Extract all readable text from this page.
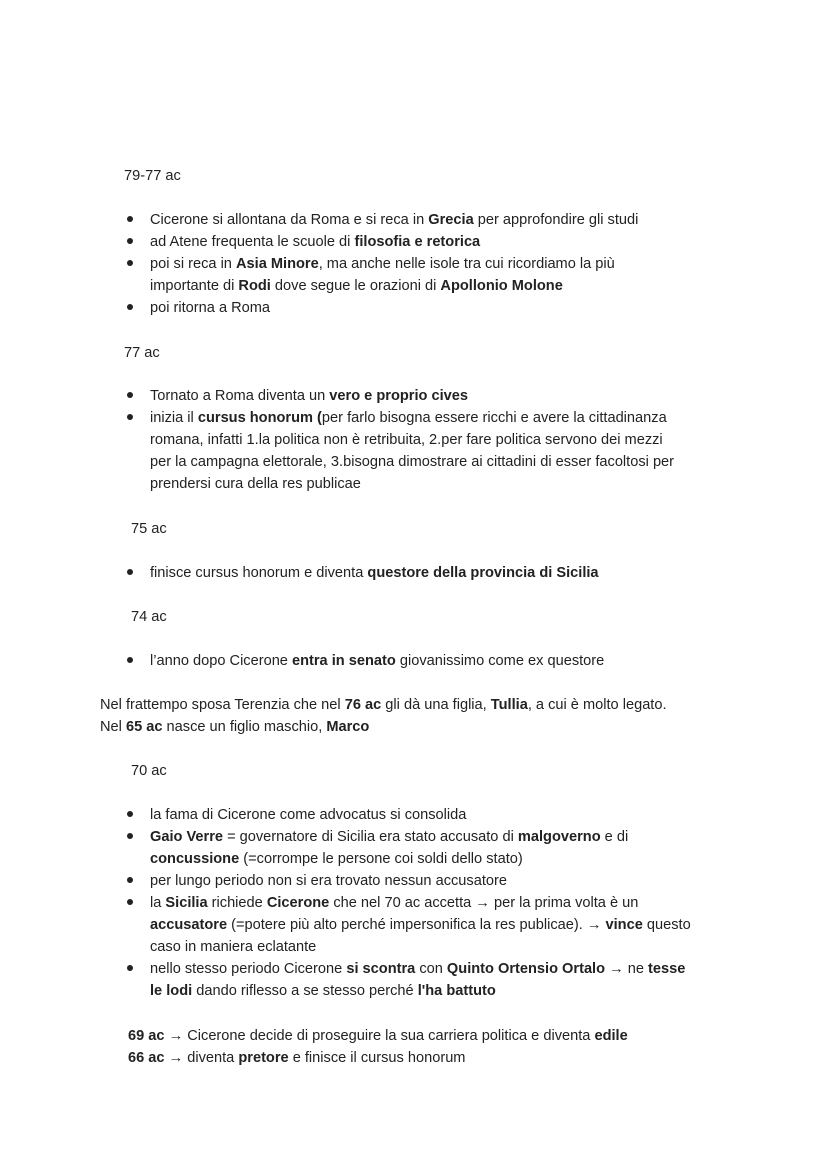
79-77 ac
Cicerone si allontana da Roma e si reca in Grecia per approfondire gli studi
ad Atene frequenta le scuole di filosofia e retorica
poi si reca in Asia Minore, ma anche nelle isole tra cui ricordiamo la più
importante di Rodi dove segue le orazioni di Apollonio Molone
poi ritorna a Roma
77 ac
Tornato a Roma diventa un vero e proprio cives
inizia il cursus honorum (per farlo bisogna essere ricchi e avere la cittadinanza
romana, infatti 1.la politica non è retribuita, 2.per fare politica servono dei mezzi
per la campagna elettorale, 3.bisogna dimostrare ai cittadini di esser facoltosi per
prendersi cura della res publicae
75 ac
finisce cursus honorum e diventa questore della provincia di Sicilia
74 ac
l’anno dopo Cicerone entra in senato giovanissimo come ex questore
Nel frattempo sposa Terenzia che nel 76 ac gli dà una figlia, Tullia, a cui è molto legato.
Nel 65 ac nasce un figlio maschio, Marco
70 ac
la fama di Cicerone come advocatus si consolida
Gaio Verre = governatore di Sicilia era stato accusato di malgoverno e di
concussione (=corrompe le persone coi soldi dello stato)
per lungo periodo non si era trovato nessun accusatore
la Sicilia richiede Cicerone che nel 70 ac accetta → per la prima volta è un
accusatore (=potere più alto perché impersonifica la res publicae). → vince questo
caso in maniera eclatante
nello stesso periodo Cicerone si scontra con Quinto Ortensio Ortalo → ne tesse
le lodi dando riflesso a se stesso perché l'ha battuto
69 ac → Cicerone decide di proseguire la sua carriera politica e diventa edile
66 ac → diventa pretore e finisce il cursus honorum
